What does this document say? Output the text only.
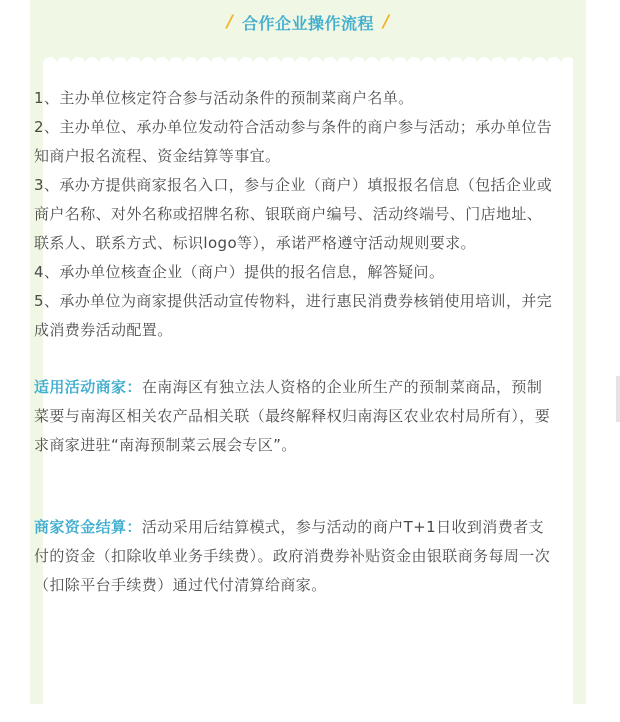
/ 合作企业操作流程 /

1、主办单位核定符合参与活动条件的预制菜商户名单。

2、主办单位、承办单位发动符合活动参与条件的商户参与活动；承办单位告知商户报名流程、资金结算等事宜。

3、承办方提供商家报名入口，参与企业（商户）填报报名信息（包括企业或商户名称、对外名称或招牌名称、银联商户编号、活动终端号、门店地址、联系人、联系方式、标识logo等），承诺严格遵守活动规则要求。

4、承办单位核查企业（商户）提供的报名信息，解答疑问。

5、承办单位为商家提供活动宣传物料，进行惠民消费券核销使用培训，并完成消费券活动配置。

适用活动商家：在南海区有独立法人资格的企业所生产的预制菜商品，预制菜要与南海区相关农产品相关联（最终解释权归南海区农业农村局所有），要求商家进驻“南海预制菜云展会专区”。

商家资金结算：活动采用后结算模式，参与活动的商户T+1日收到消费者支付的资金（扣除收单业务手续费）。政府消费券补贴资金由银联商务每周一次（扣除平台手续费）通过代付清算给商家。
